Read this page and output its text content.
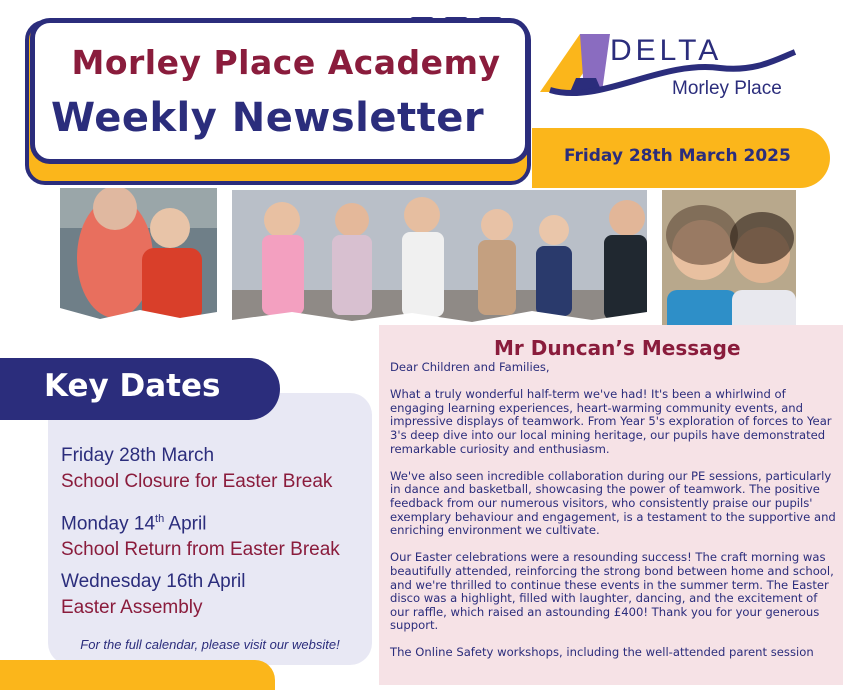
Morley Place Academy
Weekly Newsletter
DELTA
Morley Place
Friday 28th March 2025
Key Dates
Friday 28th March
School Closure for Easter Break
Monday 14th April
School Return from Easter Break
Wednesday 16th April
Easter Assembly
For the full calendar, please visit our website!
Mr Duncan’s Message

Dear Children and Families,

What a truly wonderful half-term we've had! It's been a whirlwind of engaging learning experiences, heart-warming community events, and impressive displays of teamwork. From Year 5's exploration of forces to Year 3's deep dive into our local mining heritage, our pupils have demonstrated remarkable curiosity and enthusiasm.

We've also seen incredible collaboration during our PE sessions, particularly in dance and basketball, showcasing the power of teamwork. The positive feedback from our numerous visitors, who consistently praise our pupils' exemplary behaviour and engagement, is a testament to the supportive and enriching environment we cultivate.

Our Easter celebrations were a resounding success! The craft morning was beautifully attended, reinforcing the strong bond between home and school, and we're thrilled to continue these events in the summer term. The Easter disco was a highlight, filled with laughter, dancing, and the excitement of our raffle, which raised an astounding £400! Thank you for your generous support.

The Online Safety workshops, including the well-attended parent session
